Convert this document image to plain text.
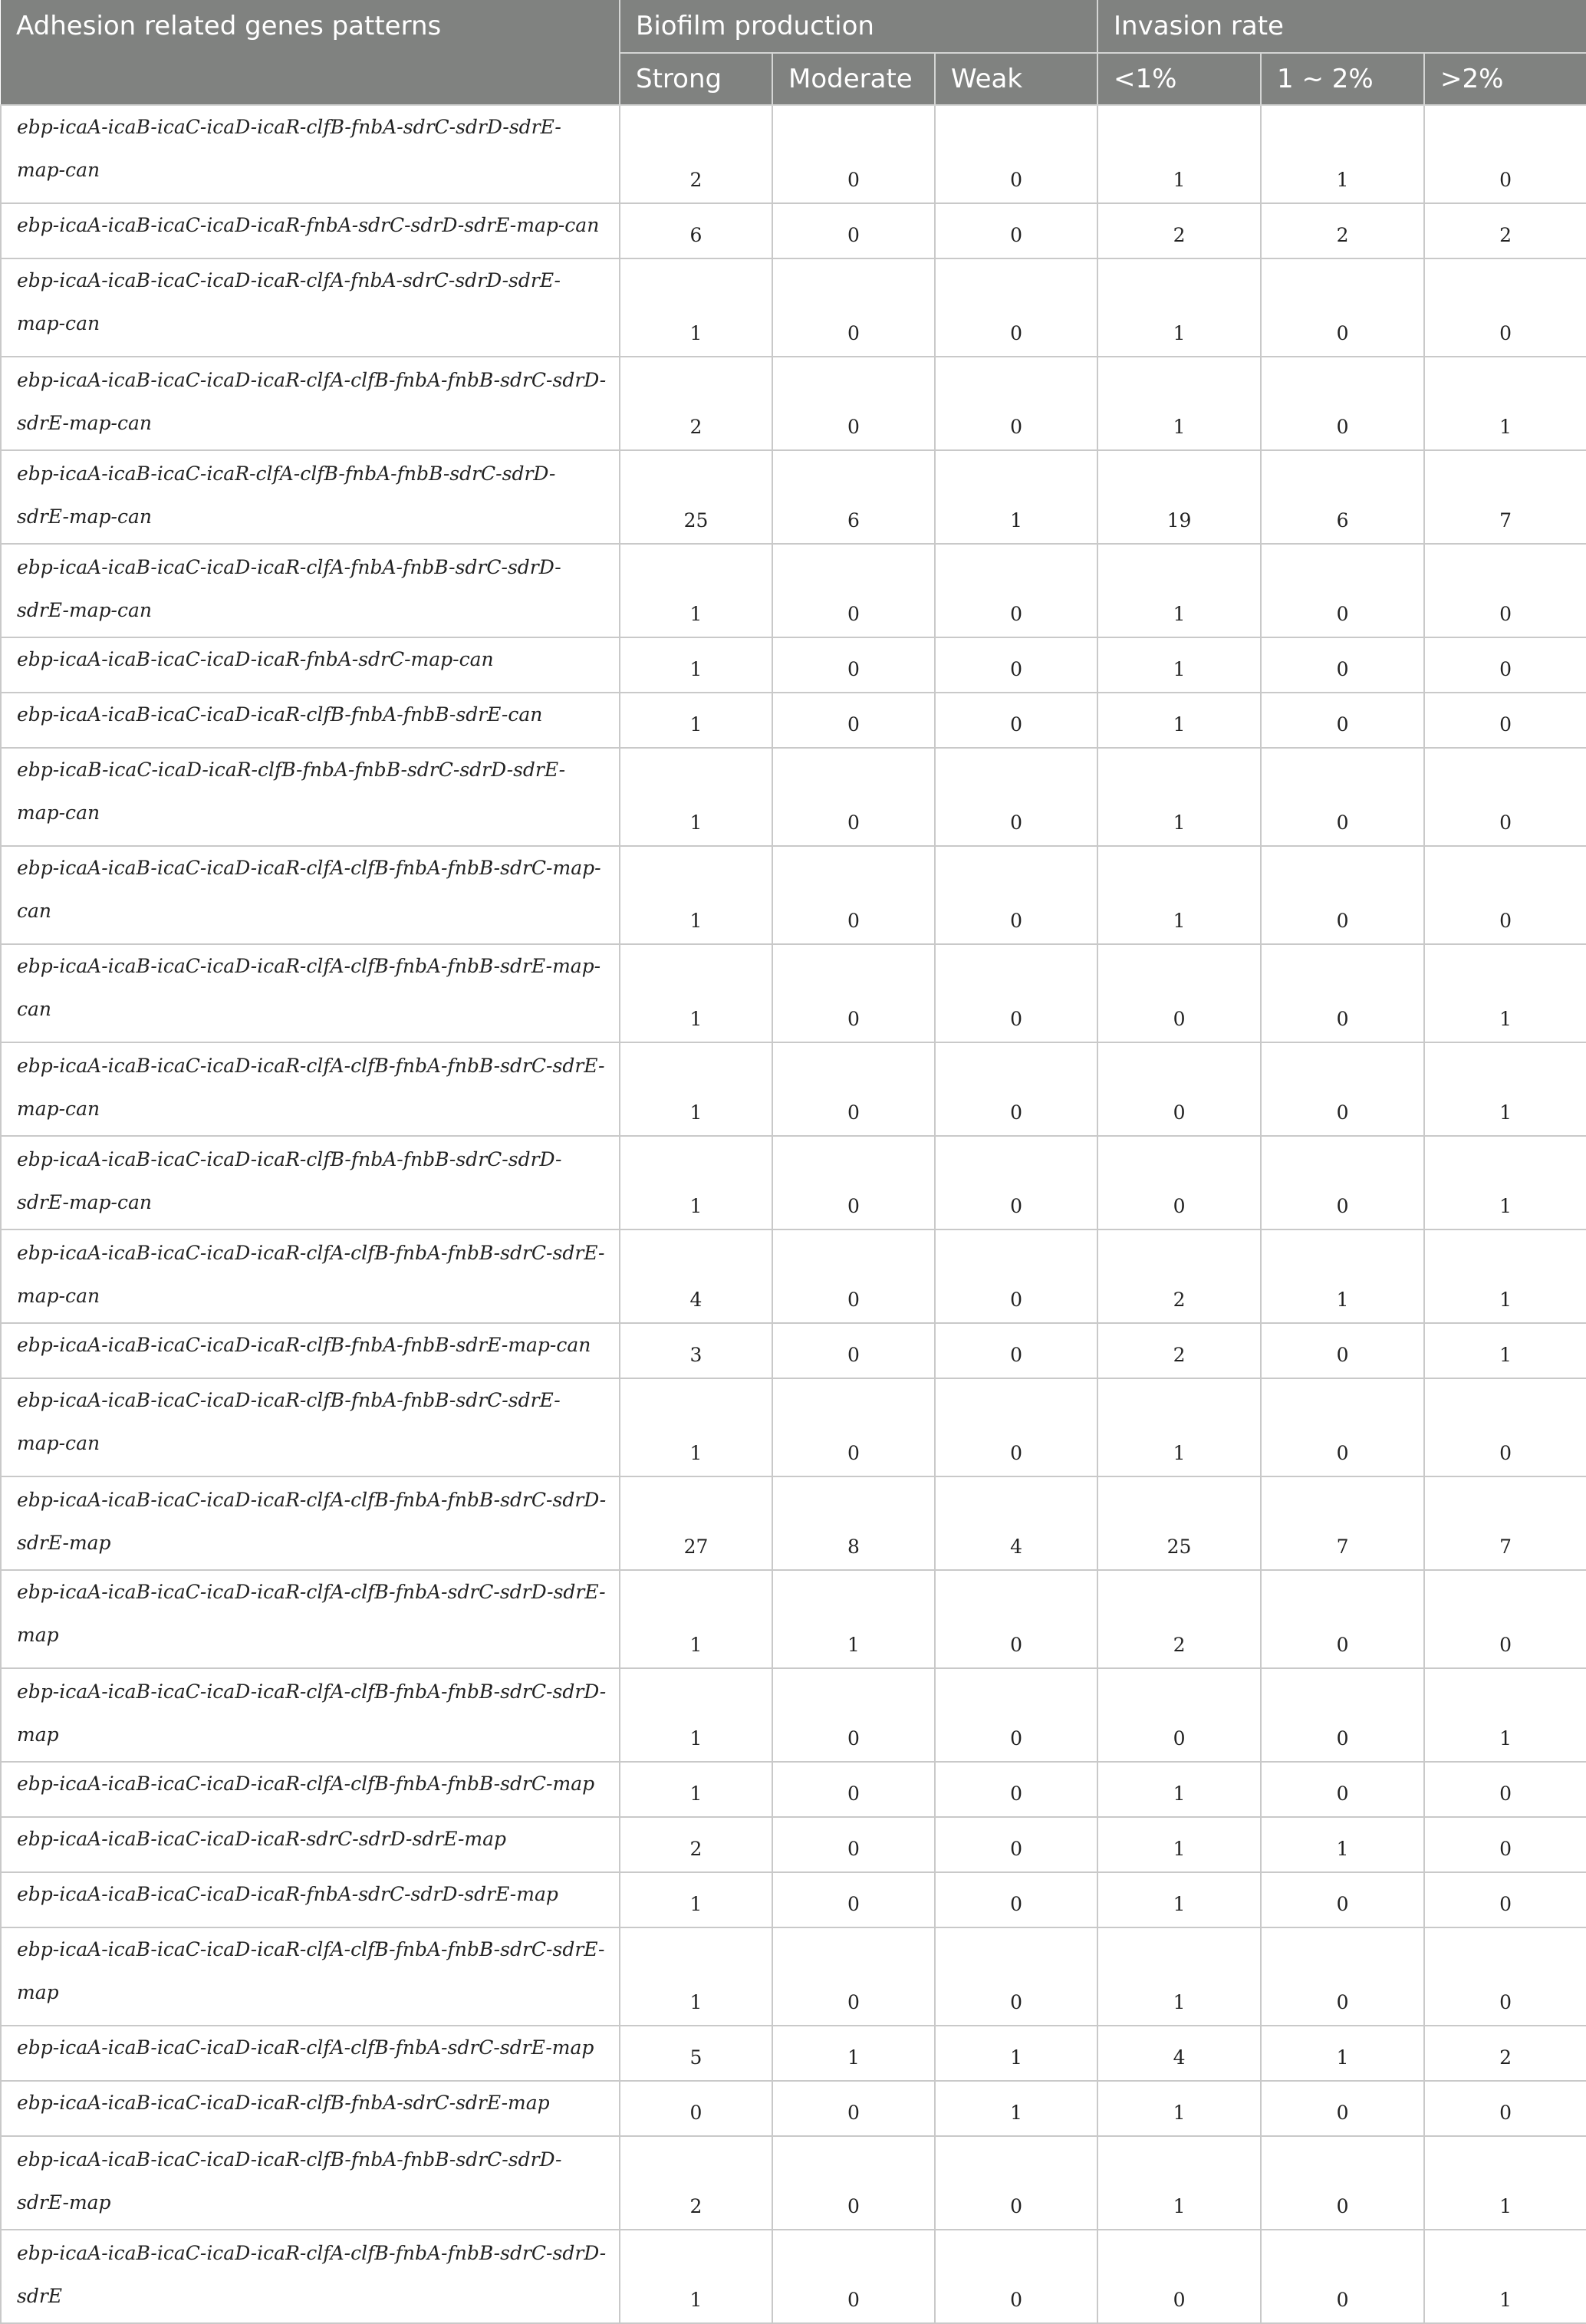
Adhesion related genes patterns	Biofilm production			Invasion rate		
	Strong	Moderate	Weak	<1%	1 ~ 2%	>2%
ebp-icaA-icaB-icaC-icaD-icaR-clfB-fnbA-sdrC-sdrD-sdrE-map-can	2	0	0	1	1	0
ebp-icaA-icaB-icaC-icaD-icaR-fnbA-sdrC-sdrD-sdrE-map-can	6	0	0	2	2	2
ebp-icaA-icaB-icaC-icaD-icaR-clfA-fnbA-sdrC-sdrD-sdrE-map-can	1	0	0	1	0	0
ebp-icaA-icaB-icaC-icaD-icaR-clfA-clfB-fnbA-fnbB-sdrC-sdrD-sdrE-map-can	2	0	0	1	0	1
ebp-icaA-icaB-icaC-icaR-clfA-clfB-fnbA-fnbB-sdrC-sdrD-sdrE-map-can	25	6	1	19	6	7
ebp-icaA-icaB-icaC-icaD-icaR-clfA-fnbA-fnbB-sdrC-sdrD-sdrE-map-can	1	0	0	1	0	0
ebp-icaA-icaB-icaC-icaD-icaR-fnbA-sdrC-map-can	1	0	0	1	0	0
ebp-icaA-icaB-icaC-icaD-icaR-clfB-fnbA-fnbB-sdrE-can	1	0	0	1	0	0
ebp-icaB-icaC-icaD-icaR-clfB-fnbA-fnbB-sdrC-sdrD-sdrE-map-can	1	0	0	1	0	0
ebp-icaA-icaB-icaC-icaD-icaR-clfA-clfB-fnbA-fnbB-sdrC-map-can	1	0	0	1	0	0
ebp-icaA-icaB-icaC-icaD-icaR-clfA-clfB-fnbA-fnbB-sdrE-map-can	1	0	0	0	0	1
ebp-icaA-icaB-icaC-icaD-icaR-clfA-clfB-fnbA-fnbB-sdrC-sdrE-map-can	1	0	0	0	0	1
ebp-icaA-icaB-icaC-icaD-icaR-clfB-fnbA-fnbB-sdrC-sdrD-sdrE-map-can	1	0	0	0	0	1
ebp-icaA-icaB-icaC-icaD-icaR-clfA-clfB-fnbA-fnbB-sdrC-sdrE-map-can	4	0	0	2	1	1
ebp-icaA-icaB-icaC-icaD-icaR-clfB-fnbA-fnbB-sdrE-map-can	3	0	0	2	0	1
ebp-icaA-icaB-icaC-icaD-icaR-clfB-fnbA-fnbB-sdrC-sdrE-map-can	1	0	0	1	0	0
ebp-icaA-icaB-icaC-icaD-icaR-clfA-clfB-fnbA-fnbB-sdrC-sdrD-sdrE-map	27	8	4	25	7	7
ebp-icaA-icaB-icaC-icaD-icaR-clfA-clfB-fnbA-sdrC-sdrD-sdrE-map	1	1	0	2	0	0
ebp-icaA-icaB-icaC-icaD-icaR-clfA-clfB-fnbA-fnbB-sdrC-sdrD-map	1	0	0	0	0	1
ebp-icaA-icaB-icaC-icaD-icaR-clfA-clfB-fnbA-fnbB-sdrC-map	1	0	0	1	0	0
ebp-icaA-icaB-icaC-icaD-icaR-sdrC-sdrD-sdrE-map	2	0	0	1	1	0
ebp-icaA-icaB-icaC-icaD-icaR-fnbA-sdrC-sdrD-sdrE-map	1	0	0	1	0	0
ebp-icaA-icaB-icaC-icaD-icaR-clfA-clfB-fnbA-fnbB-sdrC-sdrE-map	1	0	0	1	0	0
ebp-icaA-icaB-icaC-icaD-icaR-clfA-clfB-fnbA-sdrC-sdrE-map	5	1	1	4	1	2
ebp-icaA-icaB-icaC-icaD-icaR-clfB-fnbA-sdrC-sdrE-map	0	0	1	1	0	0
ebp-icaA-icaB-icaC-icaD-icaR-clfB-fnbA-fnbB-sdrC-sdrD-sdrE-map	2	0	0	1	0	1
ebp-icaA-icaB-icaC-icaD-icaR-clfA-clfB-fnbA-fnbB-sdrC-sdrD-sdrE	1	0	0	0	0	1
